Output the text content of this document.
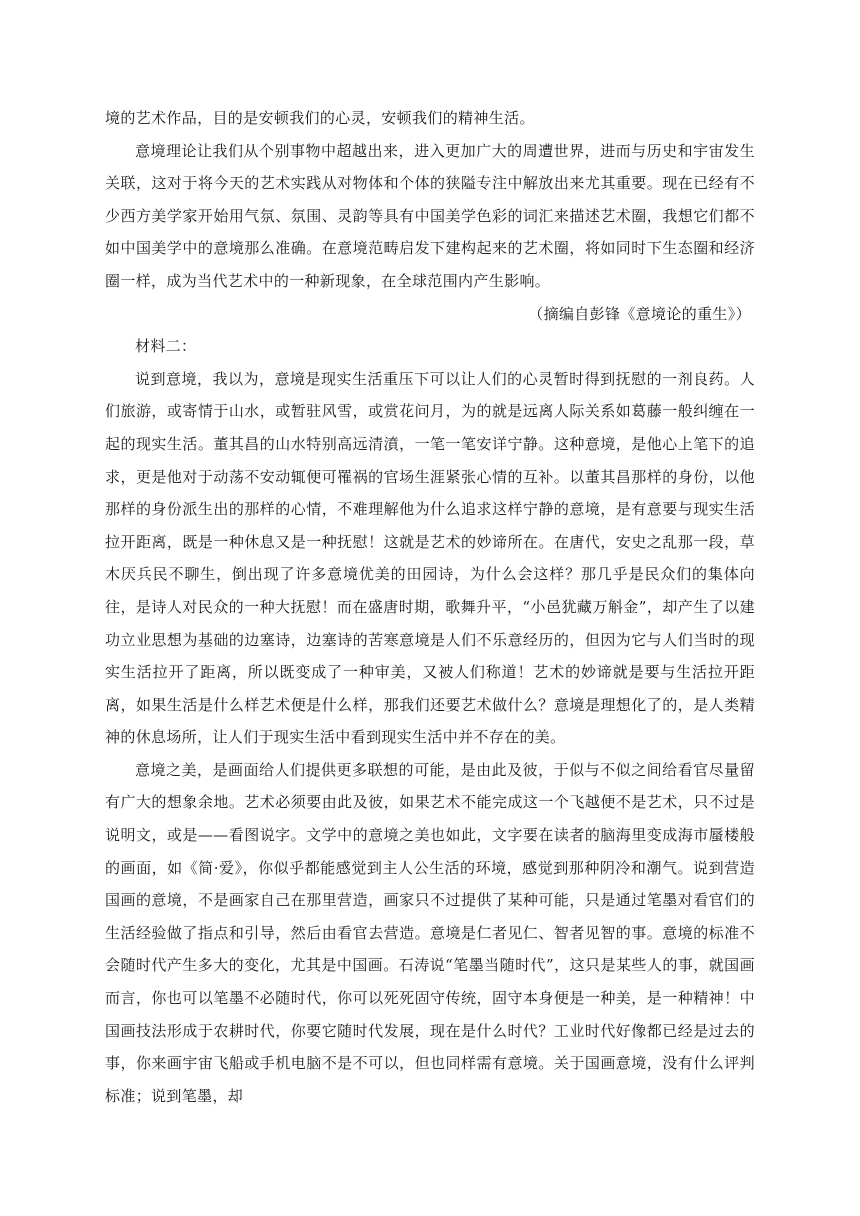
境的艺术作品，目的是安顿我们的心灵，安顿我们的精神生活。

意境理论让我们从个别事物中超越出来，进入更加广大的周遭世界，进而与历史和宇宙发生关联，这对于将今天的艺术实践从对物体和个体的狭隘专注中解放出来尤其重要。现在已经有不少西方美学家开始用气氛、氛围、灵韵等具有中国美学色彩的词汇来描述艺术圈，我想它们都不如中国美学中的意境那么准确。在意境范畴启发下建构起来的艺术圈，将如同时下生态圈和经济圈一样，成为当代艺术中的一种新现象，在全球范围内产生影响。

（摘编自彭锋《意境论的重生》）

材料二：

说到意境，我以为，意境是现实生活重压下可以让人们的心灵暂时得到抚慰的一剂良药。人们旅游，或寄情于山水，或暂驻风雪，或赏花问月，为的就是远离人际关系如葛藤一般纠缠在一起的现实生活。董其昌的山水特别高远清濆，一笔一笔安详宁静。这种意境，是他心上笔下的追求，更是他对于动荡不安动辄便可罹祸的官场生涯紧张心情的互补。以董其昌那样的身份，以他那样的身份派生出的那样的心情，不难理解他为什么追求这样宁静的意境，是有意要与现实生活拉开距离，既是一种休息又是一种抚慰！这就是艺术的妙谛所在。在唐代，安史之乱那一段，草木厌兵民不聊生，倒出现了许多意境优美的田园诗，为什么会这样？那几乎是民众们的集体向往，是诗人对民众的一种大抚慰！而在盛唐时期，歌舞升平，“小邑犹藏万斛金”，却产生了以建功立业思想为基础的边塞诗，边塞诗的苦寒意境是人们不乐意经历的，但因为它与人们当时的现实生活拉开了距离，所以既变成了一种审美，又被人们称道！艺术的妙谛就是要与生活拉开距离，如果生活是什么样艺术便是什么样，那我们还要艺术做什么？意境是理想化了的，是人类精神的休息场所，让人们于现实生活中看到现实生活中并不存在的美。

意境之美，是画面给人们提供更多联想的可能，是由此及彼，于似与不似之间给看官尽量留有广大的想象余地。艺术必须要由此及彼，如果艺术不能完成这一个飞越便不是艺术，只不过是说明文，或是——看图说字。文学中的意境之美也如此，文字要在读者的脑海里变成海市蜃楼般的画面，如《简·爱》，你似乎都能感觉到主人公生活的环境，感觉到那种阴冷和潮气。说到营造国画的意境，不是画家自己在那里营造，画家只不过提供了某种可能，只是通过笔墨对看官们的生活经验做了指点和引导，然后由看官去营造。意境是仁者见仁、智者见智的事。意境的标准不会随时代产生多大的变化，尤其是中国画。石涛说“笔墨当随时代”，这只是某些人的事，就国画而言，你也可以笔墨不必随时代，你可以死死固守传统，固守本身便是一种美，是一种精神！中国画技法形成于农耕时代，你要它随时代发展，现在是什么时代？工业时代好像都已经是过去的事，你来画宇宙飞船或手机电脑不是不可以，但也同样需有意境。关于国画意境，没有什么评判标准；说到笔墨，却
